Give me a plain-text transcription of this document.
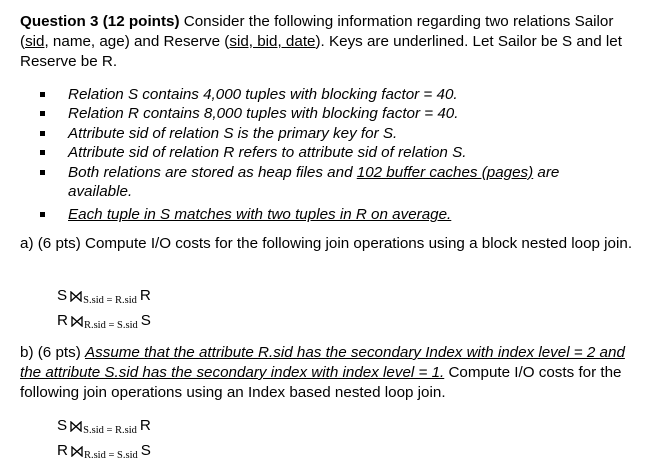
Question 3 (12 points) Consider the following information regarding two relations Sailor (sid, name, age) and Reserve (sid, bid, date). Keys are underlined. Let Sailor be S and let Reserve be R.
Relation S contains 4,000 tuples with blocking factor = 40.
Relation R contains 8,000 tuples with blocking factor = 40.
Attribute sid of relation S is the primary key for S.
Attribute sid of relation R refers to attribute sid of relation S.
Both relations are stored as heap files and 102 buffer caches (pages) are available.
Each tuple in S matches with two tuples in R on average.
a) (6 pts) Compute I/O costs for the following join operations using a block nested loop join.
S S.sid = R.sid R
R R.sid = S.sid S
b) (6 pts) Assume that the attribute R.sid has the secondary Index with index level = 2 and the attribute S.sid has the secondary index with index level = 1. Compute I/O costs for the following join operations using an Index based nested loop join.
S S.sid = R.sid R
R R.sid = S.sid S
